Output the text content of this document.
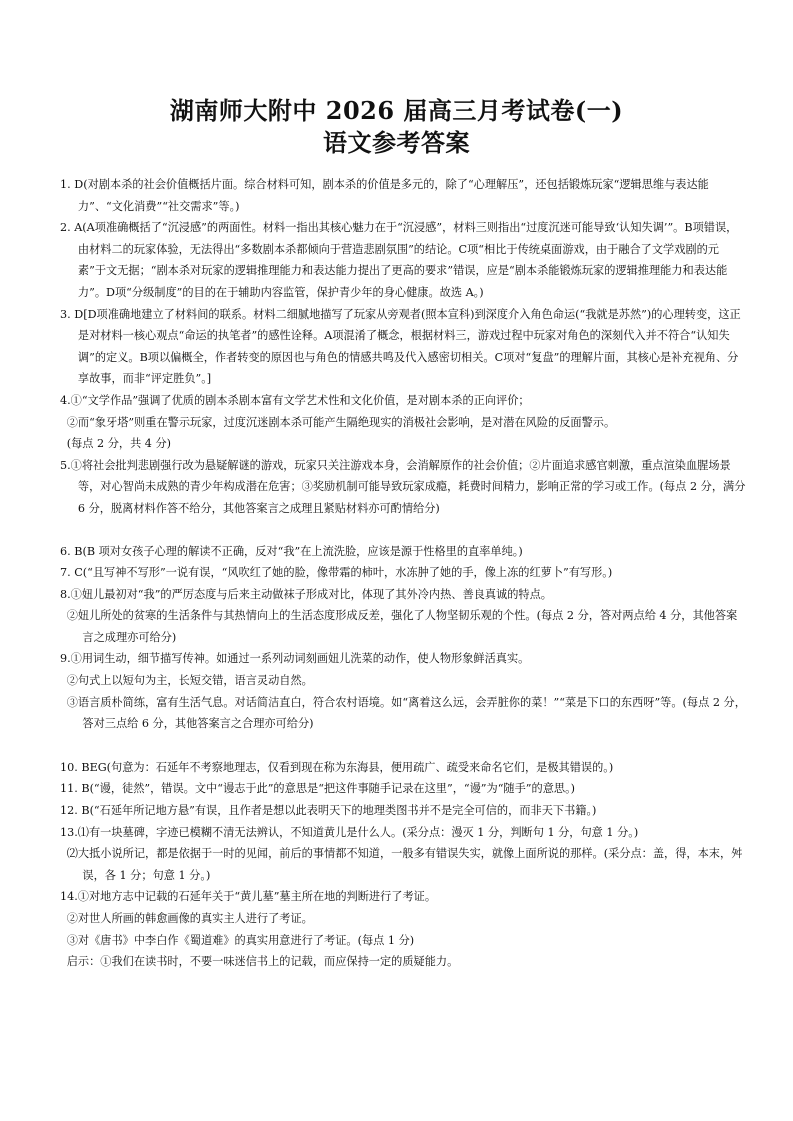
湖南师大附中 2026 届高三月考试卷(一)
语文参考答案

1. D(对剧本杀的社会价值概括片面。综合材料可知，剧本杀的价值是多元的，除了“心理解压”，还包括锻炼玩家“逻辑思维与表达能力”、“文化消费”“社交需求”等。)

2. A(A项准确概括了“沉浸感”的两面性。材料一指出其核心魅力在于“沉浸感”，材料三则指出“过度沉迷可能导致‘认知失调’”。B项错误，由材料二的玩家体验，无法得出“多数剧本杀都倾向于营造悲剧氛围”的结论。C项“相比于传统桌面游戏，由于融合了文学戏剧的元素”于文无据；“剧本杀对玩家的逻辑推理能力和表达能力提出了更高的要求”错误，应是“剧本杀能锻炼玩家的逻辑推理能力和表达能力”。D项“分级制度”的目的在于辅助内容监管，保护青少年的身心健康。故选 A。)

3. D[D项准确地建立了材料间的联系。材料二细腻地描写了玩家从旁观者(照本宣科)到深度介入角色命运(“我就是苏然”)的心理转变，这正是对材料一核心观点“命运的执笔者”的感性诠释。A项混淆了概念，根据材料三，游戏过程中玩家对角色的深刻代入并不符合“认知失调”的定义。B项以偏概全，作者转变的原因也与角色的情感共鸣及代入感密切相关。C项对“复盘”的理解片面，其核心是补充视角、分享故事，而非“评定胜负”。]

4.①“文学作品”强调了优质的剧本杀剧本富有文学艺术性和文化价值，是对剧本杀的正向评价；

②而“象牙塔”则重在警示玩家，过度沉迷剧本杀可能产生隔绝现实的消极社会影响，是对潜在风险的反面警示。

(每点 2 分，共 4 分)

5.①将社会批判悲剧强行改为悬疑解谜的游戏，玩家只关注游戏本身，会消解原作的社会价值；②片面追求感官刺激，重点渲染血腥场景等，对心智尚未成熟的青少年构成潜在危害；③奖励机制可能导致玩家成瘾，耗费时间精力，影响正常的学习或工作。(每点 2 分，满分 6 分，脱离材料作答不给分，其他答案言之成理且紧贴材料亦可酌情给分)

6. B(B 项对女孩子心理的解读不正确，反对“我”在上流洗脸，应该是源于性格里的直率单纯。)

7. C(“且写神不写形”一说有误，“风吹红了她的脸，像带霜的柿叶，水冻肿了她的手，像上冻的红萝卜”有写形。)

8.①妞儿最初对“我”的严厉态度与后来主动做袜子形成对比，体现了其外冷内热、善良真诚的特点。

②妞儿所处的贫寒的生活条件与其热情向上的生活态度形成反差，强化了人物坚韧乐观的个性。(每点 2 分，答对两点给 4 分，其他答案言之成理亦可给分)

9.①用词生动，细节描写传神。如通过一系列动词刻画妞儿洗菜的动作，使人物形象鲜活真实。

②句式上以短句为主，长短交错，语言灵动自然。

③语言质朴简练，富有生活气息。对话简洁直白，符合农村语境。如“离着这么远，会弄脏你的菜！”“菜是下口的东西呀”等。(每点 2 分，答对三点给 6 分，其他答案言之合理亦可给分)

10. BEG(句意为：石延年不考察地理志，仅看到现在称为东海县，便用疏广、疏受来命名它们，是极其错误的。)

11. B(“谩，徒然”，错误。文中“谩志于此”的意思是“把这件事随手记录在这里”，“谩”为“随手”的意思。)

12. B(“石延年所记地方悬”有误，且作者是想以此表明天下的地理类图书并不是完全可信的，而非天下书籍。)

13.⑴有一块墓碑，字迹已模糊不清无法辨认，不知道黄儿是什么人。(采分点：漫灭 1 分，判断句 1 分，句意 1 分。)

⑵大抵小说所记，都是依据于一时的见闻，前后的事情都不知道，一般多有错误失实，就像上面所说的那样。(采分点：盖，得，本末，舛误，各 1 分；句意 1 分。)

14.①对地方志中记载的石延年关于“黄儿墓”墓主所在地的判断进行了考证。

②对世人所画的韩愈画像的真实主人进行了考证。

③对《唐书》中李白作《蜀道难》的真实用意进行了考证。(每点 1 分)

启示：①我们在读书时，不要一味迷信书上的记载，而应保持一定的质疑能力。
